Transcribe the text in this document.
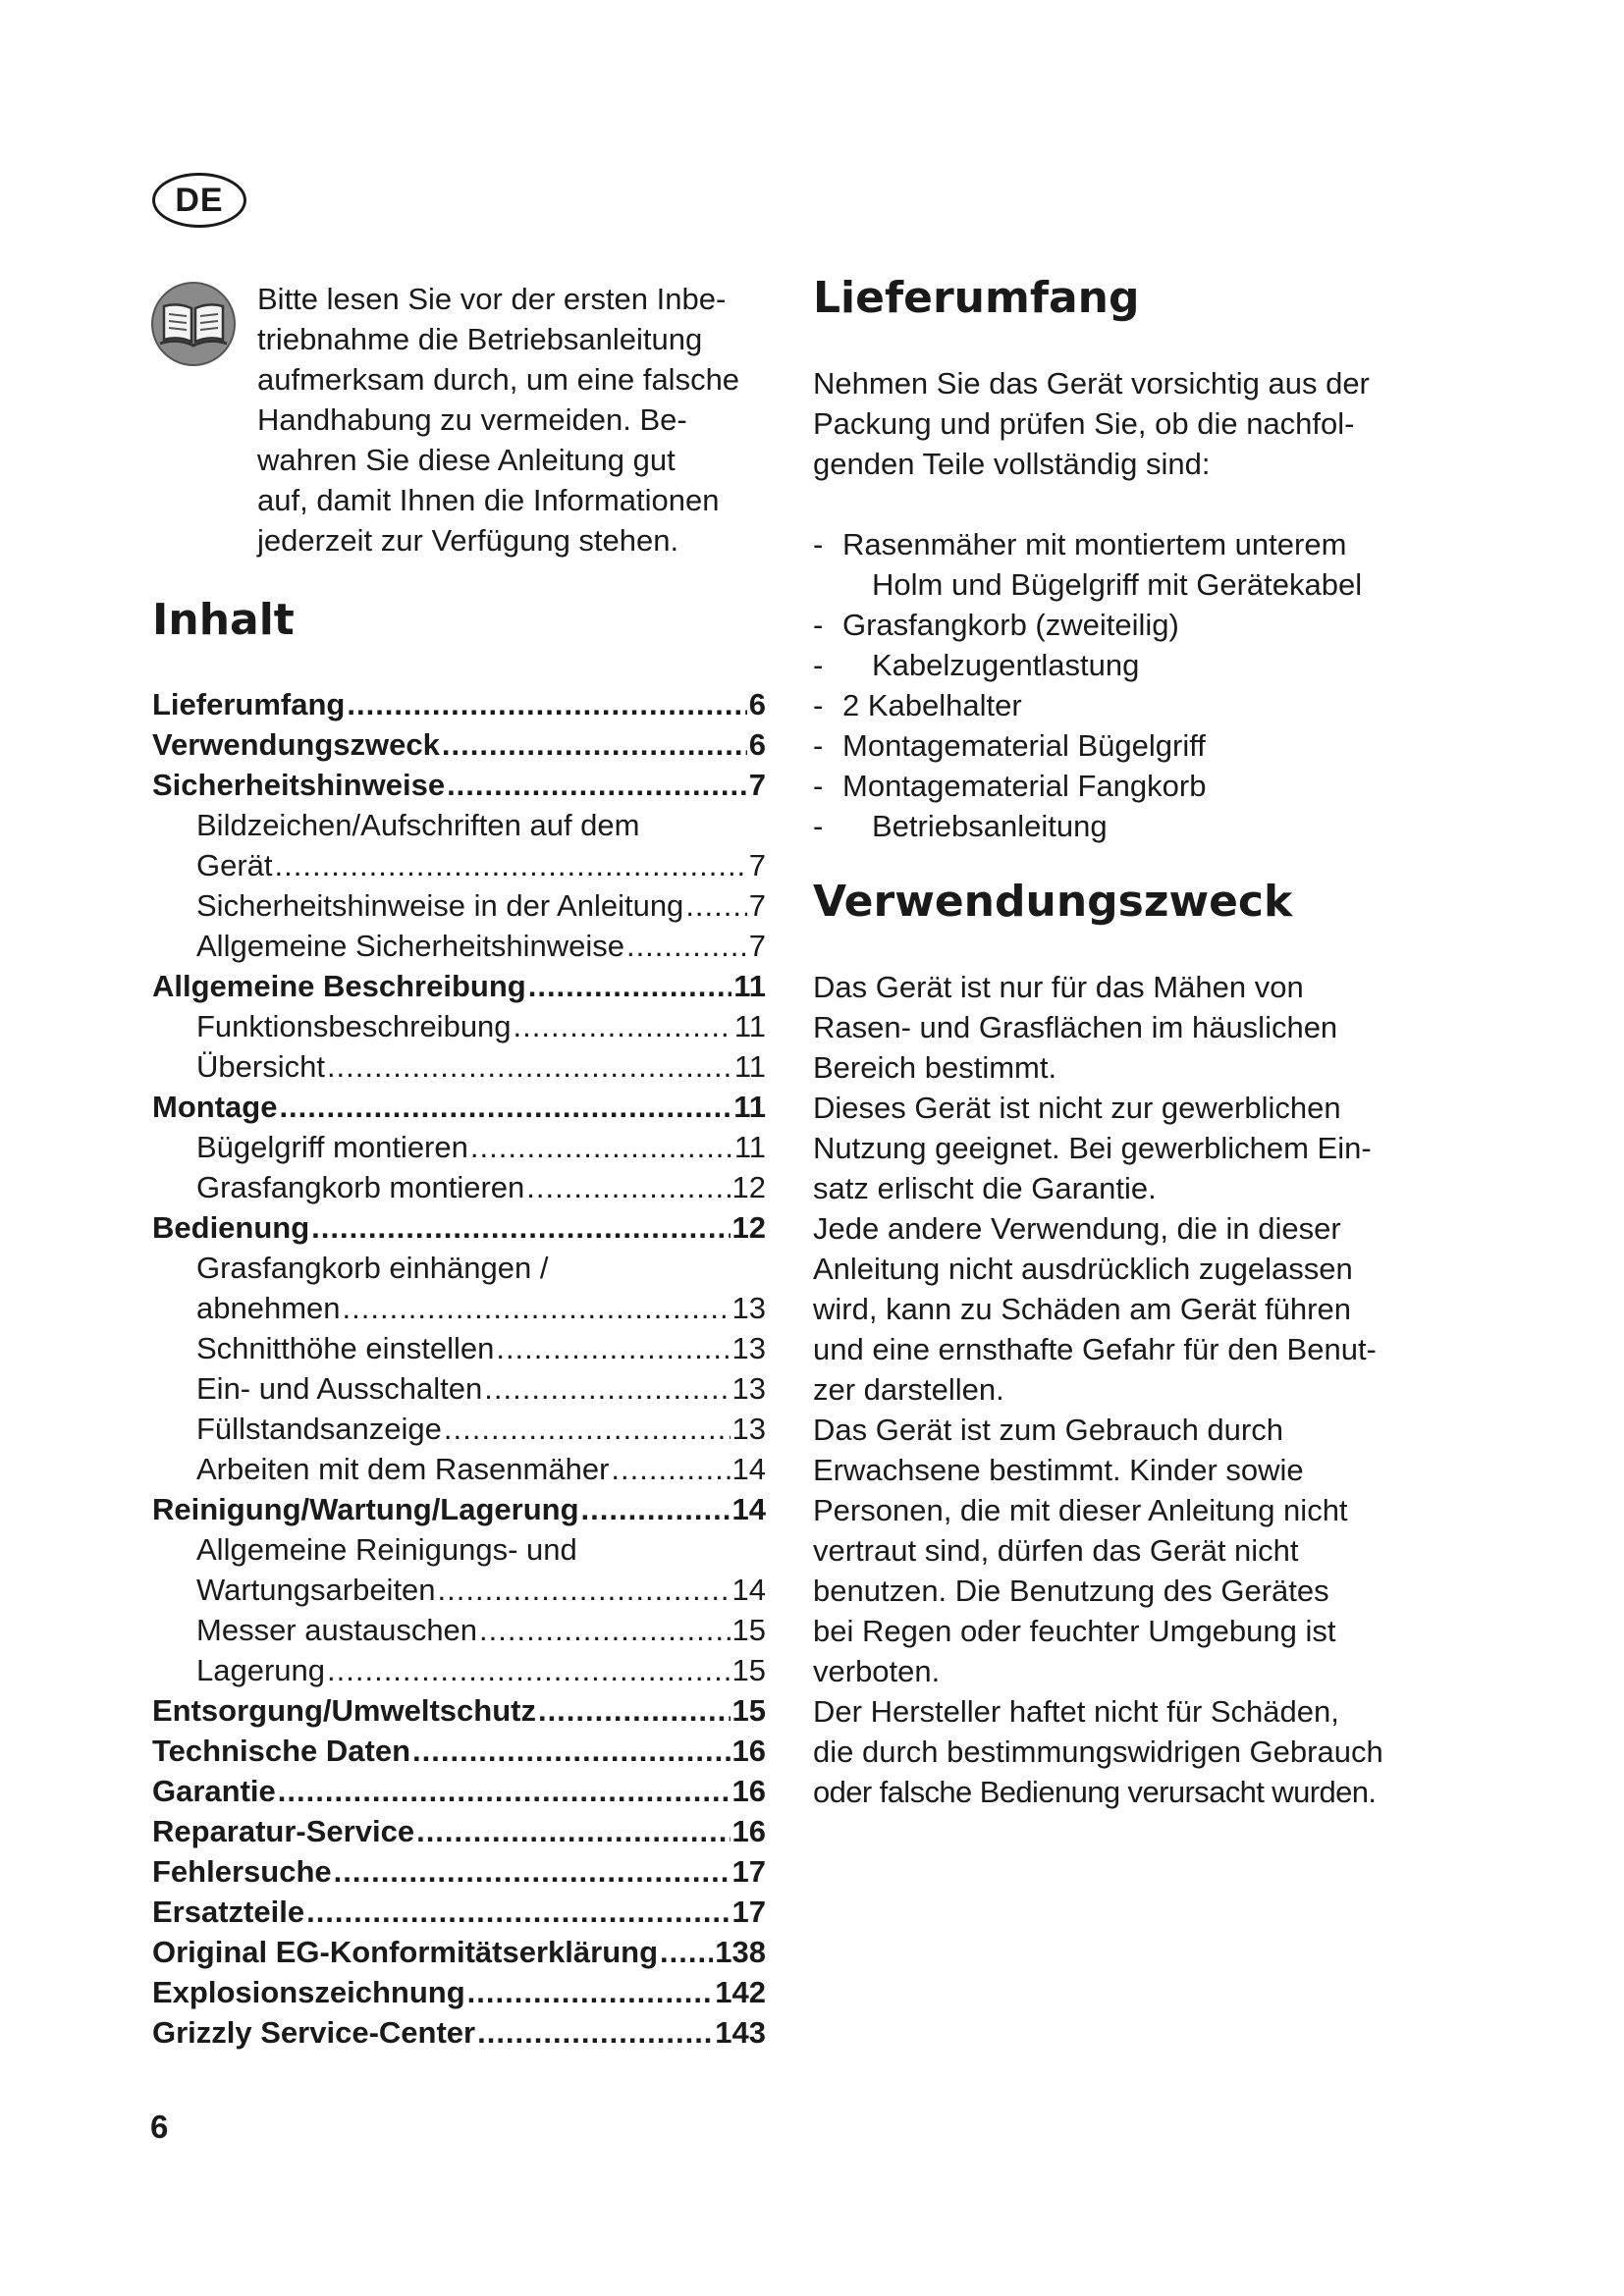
DE
Bitte lesen Sie vor der ersten Inbe-
triebnahme die Betriebsanleitung
aufmerksam durch, um eine falsche
Handhabung zu vermeiden. Be-
wahren Sie diese Anleitung gut
auf, damit Ihnen die Informationen
jederzeit zur Verfügung stehen.
Inhalt
Lieferumfang .....	6
Verwendungszweck .....	6
Sicherheitshinweise .....	7
Bildzeichen/Aufschriften auf dem
Gerät .....	7
Sicherheitshinweise in der Anleitung ..... 7
Allgemeine Sicherheitshinweise .....	7
Allgemeine Beschreibung .....	11
Funktionsbeschreibung .....	11
Übersicht .....	11
Montage .....	11
Bügelgriff montieren .....	11
Grasfangkorb montieren .....	12
Bedienung .....	12
Grasfangkorb einhängen /
abnehmen .....	13
Schnitthöhe einstellen .....	13
Ein- und Ausschalten .....	13
Füllstandsanzeige .....	13
Arbeiten mit dem Rasenmäher .....	14
Reinigung/Wartung/Lagerung .....	14
Allgemeine Reinigungs- und
Wartungsarbeiten .....	14
Messer austauschen .....	15
Lagerung .....	15
Entsorgung/Umweltschutz .....	15
Technische Daten .....	16
Garantie .....	16
Reparatur-Service .....	16
Fehlersuche .....	17
Ersatzteile .....	17
Original EG-Konformitätserklärung ..... 138
Explosionszeichnung .....	142
Grizzly Service-Center .....	143
Lieferumfang
Nehmen Sie das Gerät vorsichtig aus der
Packung und prüfen Sie, ob die nachfol-
genden Teile vollständig sind:
- Rasenmäher mit montiertem unterem
Holm und Bügelgriff mit Gerätekabel
- Grasfangkorb (zweiteilig)
-	Kabelzugentlastung
- 2 Kabelhalter
- Montagematerial Bügelgriff
- Montagematerial Fangkorb
-	Betriebsanleitung
Verwendungszweck
Das Gerät ist nur für das Mähen von
Rasen- und Grasflächen im häuslichen
Bereich bestimmt.
Dieses Gerät ist nicht zur gewerblichen
Nutzung geeignet. Bei gewerblichem Ein-
satz erlischt die Garantie.
Jede andere Verwendung, die in dieser
Anleitung nicht ausdrücklich zugelassen
wird, kann zu Schäden am Gerät führen
und eine ernsthafte Gefahr für den Benut-
zer darstellen.
Das Gerät ist zum Gebrauch durch
Erwachsene bestimmt. Kinder sowie
Personen, die mit dieser Anleitung nicht
vertraut sind, dürfen das Gerät nicht
benutzen. Die Benutzung des Gerätes
bei Regen oder feuchter Umgebung ist
verboten.
Der Hersteller haftet nicht für Schäden,
die durch bestimmungswidrigen Gebrauch
oder falsche Bedienung verursacht wurden.
6
